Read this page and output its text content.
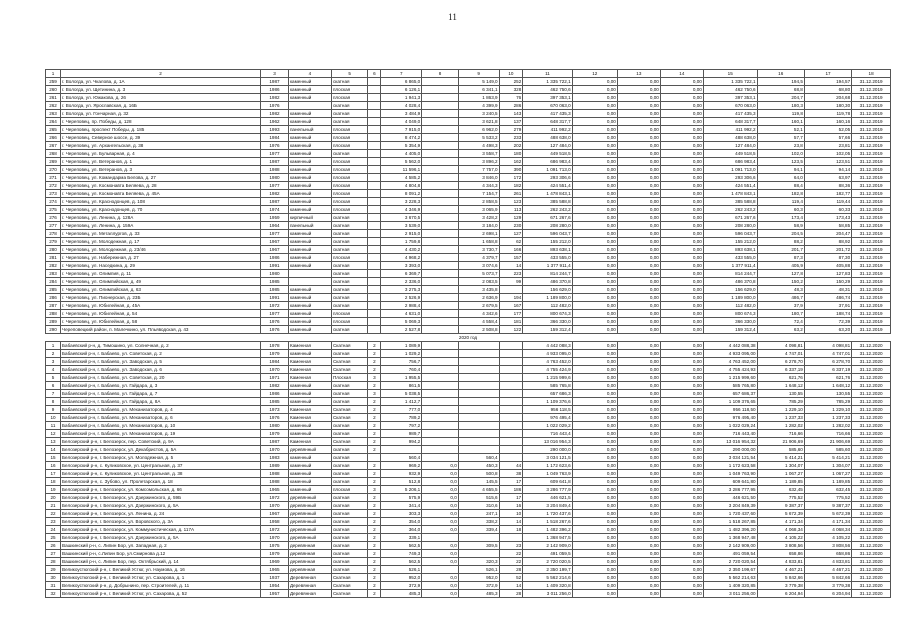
11
1	2	3	4	5	6	7	8	9	10	11	12	13	14	15	16	17	18
259	г. Вологда, ул. Чкалова, д. 1А	1987	каменный	скатная		6 865,0		5 149,0	252	1 335 722,1	0,00	0,00	0,00	1 335 722,1	194,5	194,57	31.12.2019
260	г. Вологда, ул. Щетинина, д. 3	1986	каменный	плоская		6 126,1		6 341,1	328	462 750,6	0,00	0,00	0,00	462 750,6	68,8	68,80	31.12.2019
261	г. Вологда, ул. Южакова, д. 26	1982	каменный	плоская		1 941,3		1 863,9	76	397 353,1	0,00	0,00	0,00	397 353,1	204,7	204,68	31.12.2019
262	г. Вологда, ул. Ярославская, д. 16Б	1976		скатная		4 028,4		4 399,9	286	670 063,0	0,00	0,00	0,00	670 063,0	180,3	180,30	31.12.2019
263	г. Вологда, ул. Гончарная, д. 32	1982	каменный	скатная		3 484,9		3 240,5	143	417 435,3	0,00	0,00	0,00	417 435,3	119,8	119,78	31.12.2019
264	г. Череповец, пр. Победы, д. 128	1962	каменный	скатная		4 049,0		3 621,8	137	648 317,7	0,00	0,00	0,00	648 317,7	160,1	160,16	31.12.2019
265	г. Череповец, проспект Победы, д. 185	1993	панельный	плоская		7 915,0		6 962,0	279	411 992,2	0,00	0,00	0,00	411 992,2	52,1	52,05	31.12.2019
266	г. Череповец, Северное шоссе, д. 39	1984	каменный	плоская		8 474,2		5 533,2	233	488 638,0	0,00	0,00	0,00	488 638,0	57,7	57,66	31.12.2019
267	г. Череповец, ул. Архангельская, д. 38	1976	каменный	плоская		5 354,9		4 498,3	202	127 484,0	0,00	0,00	0,00	127 484,0	23,8	23,81	31.12.2019
268	г. Череповец, ул. Бульварная, д. 4	1977	каменный	скатная		4 405,0		3 558,7	180	449 518,5	0,00	0,00	0,00	449 518,5	102,0	102,05	31.12.2019
269	г. Череповец, ул. Ветеранов, д. 1	1987	каменный	плоская		5 562,0		3 896,2	162	686 983,4	0,00	0,00	0,00	686 983,4	123,5	123,51	31.12.2019
270	г. Череповец, ул. Ветеранов, д. 3	1988	каменный	плоская		11 596,1		7 757,0	390	1 091 713,0	0,00	0,00	0,00	1 091 713,0	94,1	94,14	31.12.2019
271	г. Череповец, ул. Командарма Белова, д. 27	1980	каменный	плоская		4 585,2		3 846,0	172	293 306,6	0,00	0,00	0,00	293 306,6	64,0	63,97	31.12.2019
272	г. Череповец, ул. Космонавта Беляева, д. 28	1977	каменный	плоская		4 804,8		4 344,3	182	424 551,4	0,00	0,00	0,00	424 551,4	88,4	88,36	31.12.2019
273	г. Череповец, ул. Космонавта Беляева, д. 45А	1982	каменный	плоская		8 091,2		7 154,7	261	1 478 843,1	0,00	0,00	0,00	1 478 843,1	182,8	182,77	31.12.2019
274	г. Череповец, ул. Краснодонцев, д. 108	1987	каменный	плоская		3 228,3		2 858,5	123	385 588,8	0,00	0,00	0,00	385 588,8	119,4	119,44	31.12.2019
275	г. Череповец, ул. Краснодонцев, д. 70	1974	каменный	плоская		4 346,9		3 065,9	113	262 243,2	0,00	0,00	0,00	262 243,2	60,3	60,33	31.12.2019
276	г. Череповец, ул. Ленина, д. 128А	1959	кирпичный	скатная		3 670,5		3 428,2	129	671 267,6	0,00	0,00	0,00	671 267,6	173,4	173,43	31.12.2019
277	г. Череповец, ул. Ленина, д. 159А	1964	панельный	скатная		3 539,0		3 184,0	230	208 280,0	0,00	0,00	0,00	208 280,0	58,9	58,85	31.12.2019
278	г. Череповец, ул. Металлургов, д. 33	1977	каменный	скатная		2 915,0		2 698,1	127	596 043,7	0,00	0,00	0,00	596 043,7	204,5	204,47	31.12.2019
279	г. Череповец, ул. Молодежная, д. 17	1967	каменный	скатная		1 759,8		1 658,8	62	155 212,0	0,00	0,00	0,00	155 212,0	88,2	88,92	31.12.2019
280	г. Череповец, ул. Молодежная, д. 23/46	1967	каменный	скатная		4 430,2		3 730,7	166	893 638,1	0,00	0,00	0,00	893 638,1	201,7	201,72	31.12.2019
281	г. Череповец, ул. Набережная, д. 27	1986	каменный	плоская		4 968,2		4 379,7	157	433 555,0	0,00	0,00	0,00	433 555,0	87,3	87,30	31.12.2019
282	г. Череповец, ул. Наседкина, д. 29	1991	каменный	скатная		3 393,0		3 074,6	14	1 377 911,4	0,00	0,00	0,00	1 377 911,4	405,9	405,88	31.12.2019
283	г. Череповец, ул. Олимпия, д. 11	1980		скатная		6 369,7		5 073,7	223	814 244,7	0,00	0,00	0,00	814 244,7	127,8	127,83	31.12.2019
284	г. Череповец, ул. Олимпийская, д. 49	1985		скатная		2 336,0		2 083,5	99	486 370,8	0,00	0,00	0,00	486 370,8	150,2	150,29	31.12.2019
285	г. Череповец, ул. Олимпийская, д. 63	1985	каменный	скатная		3 275,3		3 435,8		156 629,0	0,00	0,00	0,00	156 629,0	48,3	48,31	31.12.2019
286	г. Череповец, ул. Пионерская, д. 23Б	1991	каменный	скатная		2 526,9		2 636,9	194	1 189 800,0	0,00	0,00	0,00	1 189 800,0	486,7	486,74	31.12.2019
287	г. Череповец, ул. Юбилейная, д. 45А	1972	каменный	скатная		2 988,4		2 679,5	167	112 482,0	0,00	0,00	0,00	112 482,0	37,9	37,91	31.12.2019
288	г. Череповец, ул. Юбилейная, д. 54	1977	каменный	плоская		4 631,0		4 342,6	177	800 674,3	0,00	0,00	0,00	800 674,3	180,7	188,74	31.12.2019
289	г. Череповец, ул. Юбилейная, д. 58	1976	каменный	плоская		5 069,3		4 558,4	181	366 330,0	0,00	0,00	0,00	366 330,0	72,4	72,39	31.12.2019
290	Череповецкий район, п. Малечкино, ул. Пльяводская, д. 43	1976	каменный	скатная		2 527,8		2 508,8	122	159 312,4	0,00	0,00	0,00	159 312,4	63,2	63,20	31.12.2019
2020 год																	
1	Бабаевский р-н, д. Тимошино, ул. Солнечная, д. 2	1978	Каменная	Скатная	2	1 089,9				4 442 088,3	0,00	0,00	0,00	4 442 088,38	4 098,81	4 098,81	31.12.2020
2	Бабаевский р-н, г. Бабаево, ул. Советская, д. 2	1979	каменный	скатная	2	1 029,2				4 933 095,0	0,00	0,00	0,00	4 933 095,00	4 747,01	4 747,01	31.12.2020
3	Бабаевский р-н, г. Бабаево, ул. Заводская, д. 5	1984	Каменная	Скатная	2	756,7				4 763 452,0	0,00	0,00	0,00	4 763 452,00	6 278,70	6 278,70	31.12.2020
4	Бабаевский р-н, г. Бабаево, ул. Заводская, д. 6	1970	Каменная	Скатная	2	760,4				4 755 424,9	0,00	0,00	0,00	4 755 424,93	6 337,19	6 337,19	31.12.2020
5	Бабаевский р-н, г. Бабаево, ул. Советская, д. 20	1971	Каменная	Плоская	3	1 955,5				1 215 999,6	0,00	0,00	0,00	1 215 999,60	621,76	621,76	31.12.2020
6	Бабаевский р-н, г. Бабаево, ул. Гайдара, д. 3	1982	каменный	скатная	2	861,5				585 765,8	0,00	0,00	0,00	585 765,80	1 648,12	1 648,12	31.12.2020
7	Бабаевский р-н, г. Бабаево, ул. Гайдара, д. 7	1986	каменный	скатная	3	5 038,5				657 686,3	0,00	0,00	0,00	657 686,37	130,55	130,55	31.12.2020
8	Бабаевский р-н, г. Бабаево, ул. Гайдара, д. 8А	1985	каменный	скатная	2	1 412,7				1 109 376,6	0,00	0,00	0,00	1 109 376,65	785,29	785,29	31.12.2020
9	Бабаевский р-н, г. Бабаево, ул. Механизаторов, д. 4	1973	Каменная	Скатная	2	777,0				956 118,5	0,00	0,00	0,00	956 118,50	1 229,10	1 229,10	31.12.2020
10	Бабаевский р-н, г. Бабаево, ул. Механизаторов, д. 6	1976	Каменная	Скатная	2	789,2				976 495,4	0,00	0,00	0,00	976 495,40	1 237,33	1 237,33	31.12.2020
11	Бабаевский р-н, г. Бабаево, ул. Механизаторов, д. 10	1980	каменный	скатная	2	797,2				1 022 029,2	0,00	0,00	0,00	1 022 029,24	1 282,02	1 282,02	31.12.2020
12	Бабаевский р-н, г. Бабаево, ул. Механизаторов, д. 19	1979	каменный	скатная	2	989,7				716 443,4	0,00	0,00	0,00	716 443,40	716,66	716,66	31.12.2020
13	Белозерский р-н, г. Белозерск, пер. Советский, д. 9А	1987	Каменная	Скатная	2	994,2				13 016 954,3	0,00	0,00	0,00	13 016 954,32	21 906,69	21 906,69	31.12.2020
14	Белозерский р-н, г. Белозерск, ул. Декабристов, д. 5А	1970	деревянный	скатная	2					290 000,0	0,00	0,00	0,00	290 000,00	585,60	585,60	31.12.2020
15	Белозерский р-н, г. Белозерск, ул. Молодежная, д. 5	1983	каменный	скатная		560,4		560,4		3 034 121,5	0,00	0,00	0,00	3 034 121,54	5 414,21	5 414,21	31.12.2020
16	Белозерский р-н, с. Куликовское, ул. Центральная, д. 37	1989	каменный	скатная	2	969,2	0,0	450,3	44	1 172 623,6	0,00	0,00	0,00	1 172 623,58	1 304,07	1 304,07	31.12.2020
17	Белозерский р-н, с. Куликовское, ул. Центральная, д. 38	1988	каменный	скатная	2	932,9	0,0	500,8	38	1 049 763,9	0,00	0,00	0,00	1 049 763,90	1 067,27	1 067,27	31.12.2020
18	Белозерский р-н, с. Зубово, ул. Пролетарская, д. 18	1988	каменный	скатная	2	512,8	0,0	145,5	17	609 641,8	0,00	0,00	0,00	609 641,80	1 189,85	1 189,85	31.12.2020
19	Белозерский р-н, г. Белозерск, ул. Комсомольская, д. 66	1965	каменный	плоская	3	5 206,1	0,0	4 655,5	186	3 286 777,9	0,00	0,00	0,00	3 286 777,95	632,45	632,45	31.12.2020
20	Белозерский р-н, г. Белозерск, ул. Дзержинского, д. 59Б	1972	деревянный	скатная	2	575,9	0,0	515,6	17	446 621,5	0,00	0,00	0,00	446 621,50	775,52	775,52	31.12.2020
21	Белозерский р-н, г. Белозерск, ул. Дзержинского, д. 5А	1970	деревянный	скатная	2	341,4	0,0	310,6	16	3 204 849,4	0,00	0,00	0,00	3 204 849,39	9 387,37	9 387,37	31.12.2020
22	Белозерский р-н, г. Белозерск, ул. Ленина, д. 24	1967	деревянный	скатная	2	303,3	0,0	247,1	10	1 720 437,6	0,00	0,00	0,00	1 720 437,60	5 672,39	5 672,39	31.12.2020
23	Белозерский р-н, г. Белозерск, ул. Воровского, д. 3А	1958	деревянный	скатная	2	354,0	0,0	338,2	14	1 518 267,6	0,00	0,00	0,00	1 518 267,85	4 171,34	4 171,34	31.12.2020
24	Белозерский р-н, г. Белозерск, ул. Коммунистическая, д. 117А	1972	деревянный	скатная	2	364,0	0,0	339,4	18	1 482 396,2	0,00	0,00	0,00	1 482 396,20	4 068,34	4 068,34	31.12.2020
25	Белозерский р-н, г. Белозерск, ул. Дзержинского, д. 5А	1970	деревянный	скатная	2	339,1				1 368 947,5	0,00	0,00	0,00	1 368 947,48	4 105,22	4 105,22	31.12.2020
26	Вашкинский р-н, с. Липин Бор, ул. Западная, д. 2	1975	деревянная	скатная	2	562,5	0,0	309,5	23	2 142 909,0	0,00	0,00	0,00	2 142 909,00	3 808,56	3 808,56	31.12.2020
27	Вашкинский р-н, с.Липин Бор, ул.Смирнова д.12	1979	деревянная	скатная	2	749,3	0,0		22	491 059,5	0,00	0,00	0,00	491 059,54	658,86	658,86	31.12.2020
28	Вашкинский р-н, с. Липин Бор, пер. Октябрьский, д. 14	1969	деревянная	скатная	2	562,5	0,0	320,3	22	2 720 020,5	0,00	0,00	0,00	2 720 020,54	4 833,81	4 833,81	31.12.2020
29	Великоустюгский р-н, г. Великий Устюг, ул. Наумова, д. 16	1965	деревянная	скатная	2	526,1		526,1	28	2 350 199,7	0,00	0,00	0,00	2 350 199,67	4 467,21	4 467,21	31.12.2020
30	Великоустюгский р-н, г. Великий Устюг, ул. Сахарова, д. 1	1937	Деревянная	Скатная	2	952,0	0,0	952,0	52	5 562 214,6	0,00	0,00	0,00	5 562 214,63	5 842,66	5 842,66	31.12.2020
31	Великоустюгский р-н, д. Добрынино, пер. Строителей, д. 11	1954	Деревянная	Скатная	2	372,9	0,0	372,9	14	1 409 320,8	0,00	0,00	0,00	1 409 320,85	3 779,38	3 779,38	31.12.2020
32	Великоустюгский р-н, г. Великий Устюг, ул. Сахарова, д. 52	1957	Деревянная	Скатная	2	485,3	0,0	485,3	28	3 011 256,0	0,00	0,00	0,00	3 011 256,00	6 204,94	6 204,94	31.12.2020
